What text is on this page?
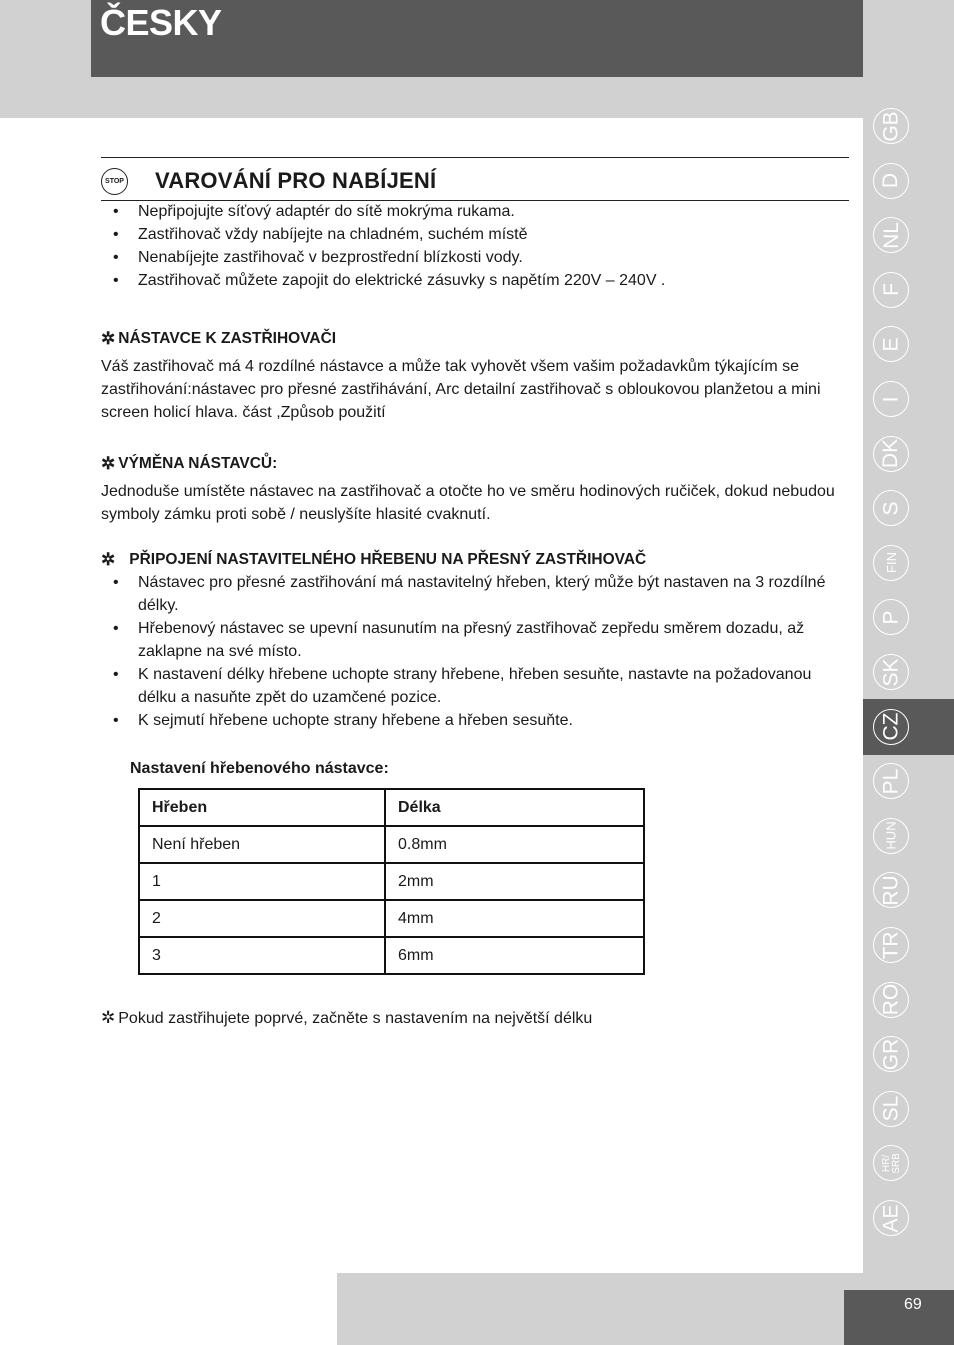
ČESKY
GB
D
NL
F
E
I
DK
S
FIN
P
SK
CZ
PL
HUN
RU
TR
RO
GR
SL
HR/
SRB
AE
69
STOP VAROVÁNÍ PRO NABÍJENÍ
• Nepřipojujte síťový adaptér do sítě mokrýma rukama.
• Zastřihovač vždy nabíjejte na chladném, suchém místě
• Nenabíjejte zastřihovač v bezprostřední blízkosti vody.
• Zastřihovač můžete zapojit do elektrické zásuvky s napětím 220V – 240V .
✲ NÁSTAVCE K ZASTŘIHOVAČI
Váš zastřihovač má 4 rozdílné nástavce a může tak vyhovět všem vašim požadavkům týkajícím se zastřihování:nástavec pro přesné zastřihávání, Arc detailní zastřihovač s obloukovou planžetou a mini screen holicí hlava. část ,Způsob použití
✲ VÝMĚNA NÁSTAVCŮ:
Jednoduše umístěte nástavec na zastřihovač a otočte ho ve směru hodinových ručiček, dokud nebudou symboly zámku proti sobě / neuslyšíte hlasité cvaknutí.
✲ PŘIPOJENÍ NASTAVITELNÉHO HŘEBENU NA PŘESNÝ ZASTŘIHOVAČ
• Nástavec pro přesné zastřihování má nastavitelný hřeben, který může být nastaven na 3 rozdílné délky.
• Hřebenový nástavec se upevní nasunutím na přesný zastřihovač zepředu směrem dozadu, až zaklapne na své místo.
• K nastavení délky hřebene uchopte strany hřebene, hřeben sesuňte, nastavte na požadovanou délku a nasuňte zpět do uzamčené pozice.
• K sejmutí hřebene uchopte strany hřebene a hřeben sesuňte.
Nastavení hřebenového nástavce:
Hřeben	Délka
Není hřeben	0.8mm
1	2mm
2	4mm
3	6mm
✲ Pokud zastřihujete poprvé, začněte s nastavením na největší délku
